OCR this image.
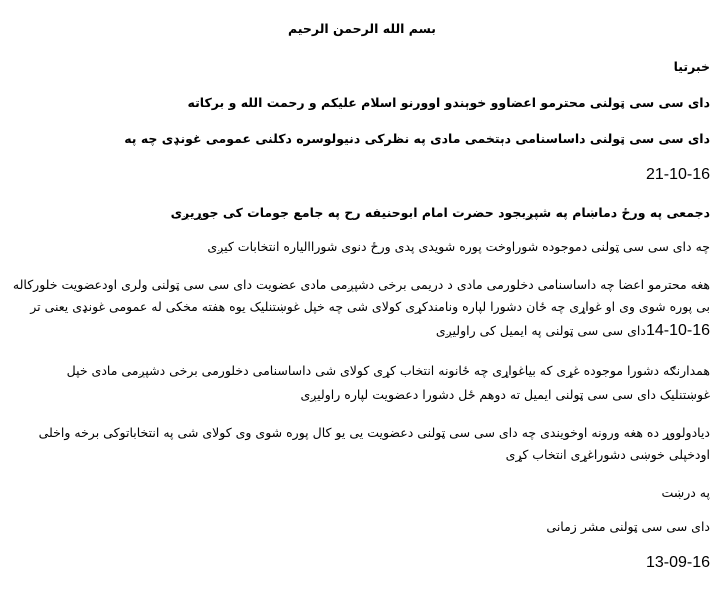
بسم الله الرحمن الرحیم
خبرتیا
دای سی سی ټولنی محترمو اعضاوو خوېندو اوورنو اسلام علیکم و رحمت الله و برکاته
دای سی سی ټولنی داساسنامی دېتخمی مادی په نظرکی دنیولوسره دکلنی عمومی غونډی چه په
21-10-16
دجمعی په ورځ دماښام په شپږبجود حضرت امام ابوحنیفه رح په جامع جومات کی جوړیږی
چه دای سی سی ټولنی دموجوده شوراوخت پوره شویدی پدی ورځ دنوی شوراالیاره انتخابات کیږی
هغه محترمو اعضا چه داساسنامی دخلورمی مادی د دریمی برخی دشپږمی مادی عضویت دای سی سی ټولنی ولری اودعضویت خلورکاله
بی پوره شوی وی او غواړی چه ځان دشورا لپاره ونامندکړی کولای شی چه خپل غوښتنلیک یوه هفته مخکی له عمومی غونډی یعنی تر
14-10-16دای سی سی ټولنی په ایمیل کی راولیږی
همدارنګه دشورا موجوده غړی که بیاغواړی چه ځانونه انتخاب کړی کولای شی داساسنامی دخلورمی برخی دشپږمی مادی خپل
غوښتنلیک دای سی سی ټولنی ایمیل ته دوهم ځل دشورا دعضویت لپاره راولیږی
دیادولووړ ده هغه ورونه اوخویندی چه دای سی سی ټولنی دعضویت یی یو کال پوره شوی وی کولای شی په انتخاباتوکی برخه واخلی
اودخپلی خوښی دشوراغړی انتخاب کړی
په درښت
دای سی سی ټولنی مشر زمانی
13-09-16
